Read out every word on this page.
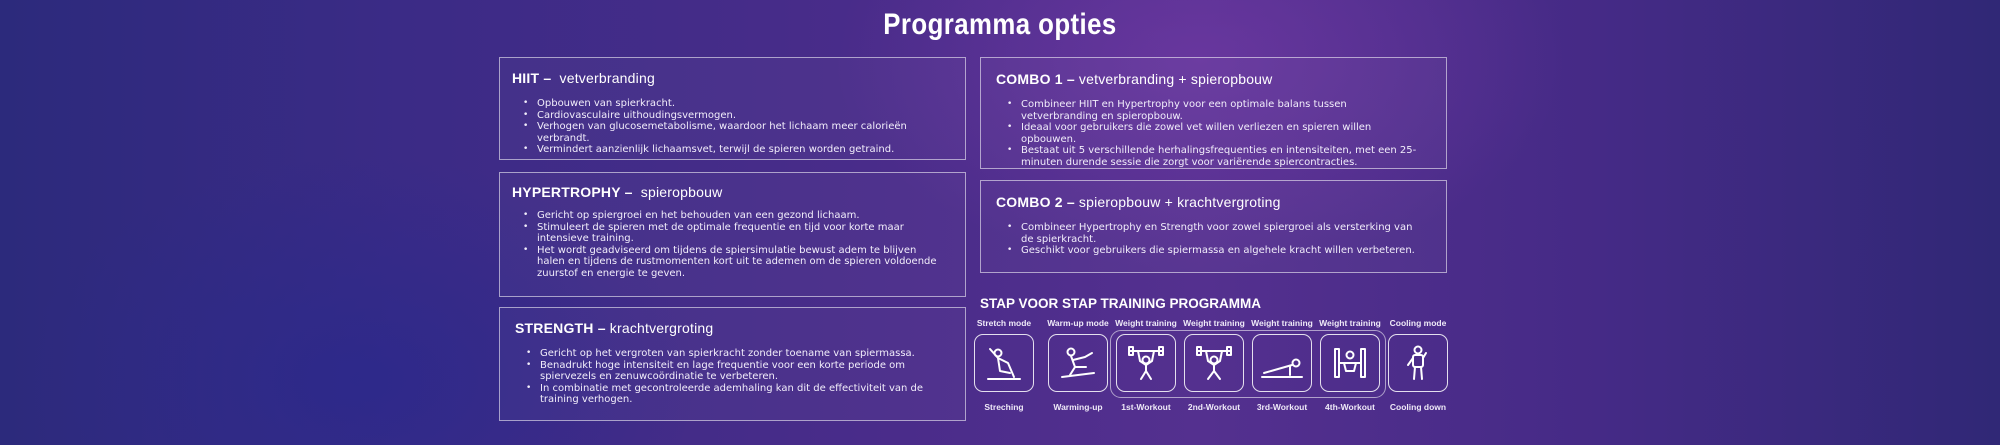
Programma opties
HIIT – vetverbranding
• Opbouwen van spierkracht.
• Cardiovasculaire uithoudingsvermogen.
• Verhogen van glucosemetabolisme, waardoor het lichaam meer calorieën verbrandt.
• Vermindert aanzienlijk lichaamsvet, terwijl de spieren worden getraind.
HYPERTROPHY – spieropbouw
• Gericht op spiergroei en het behouden van een gezond lichaam.
• Stimuleert de spieren met de optimale frequentie en tijd voor korte maar intensieve training.
• Het wordt geadviseerd om tijdens de spiersimulatie bewust adem te blijven halen en tijdens de rustmomenten kort uit te ademen om de spieren voldoende zuurstof en energie te geven.
STRENGTH – krachtvergroting
• Gericht op het vergroten van spierkracht zonder toename van spiermassa.
• Benadrukt hoge intensiteit en lage frequentie voor een korte periode om spiervezels en zenuwcoördinatie te verbeteren.
• In combinatie met gecontroleerde ademhaling kan dit de effectiviteit van de training verhogen.
COMBO 1 – vetverbranding + spieropbouw
• Combineer HIIT en Hypertrophy voor een optimale balans tussen vetverbranding en spieropbouw.
• Ideaal voor gebruikers die zowel vet willen verliezen en spieren willen opbouwen.
• Bestaat uit 5 verschillende herhalingsfrequenties en intensiteiten, met een 25-minuten durende sessie die zorgt voor variërende spiercontracties.
COMBO 2 – spieropbouw + krachtvergroting
• Combineer Hypertrophy en Strength voor zowel spiergroei als versterking van de spierkracht.
• Geschikt voor gebruikers die spiermassa en algehele kracht willen verbeteren.
STAP VOOR STAP TRAINING PROGRAMMA
Stretch mode
Streching
Warm-up mode
Warming-up
Weight training
1st-Workout
Weight training
2nd-Workout
Weight training
3rd-Workout
Weight training
4th-Workout
Cooling mode
Cooling down
